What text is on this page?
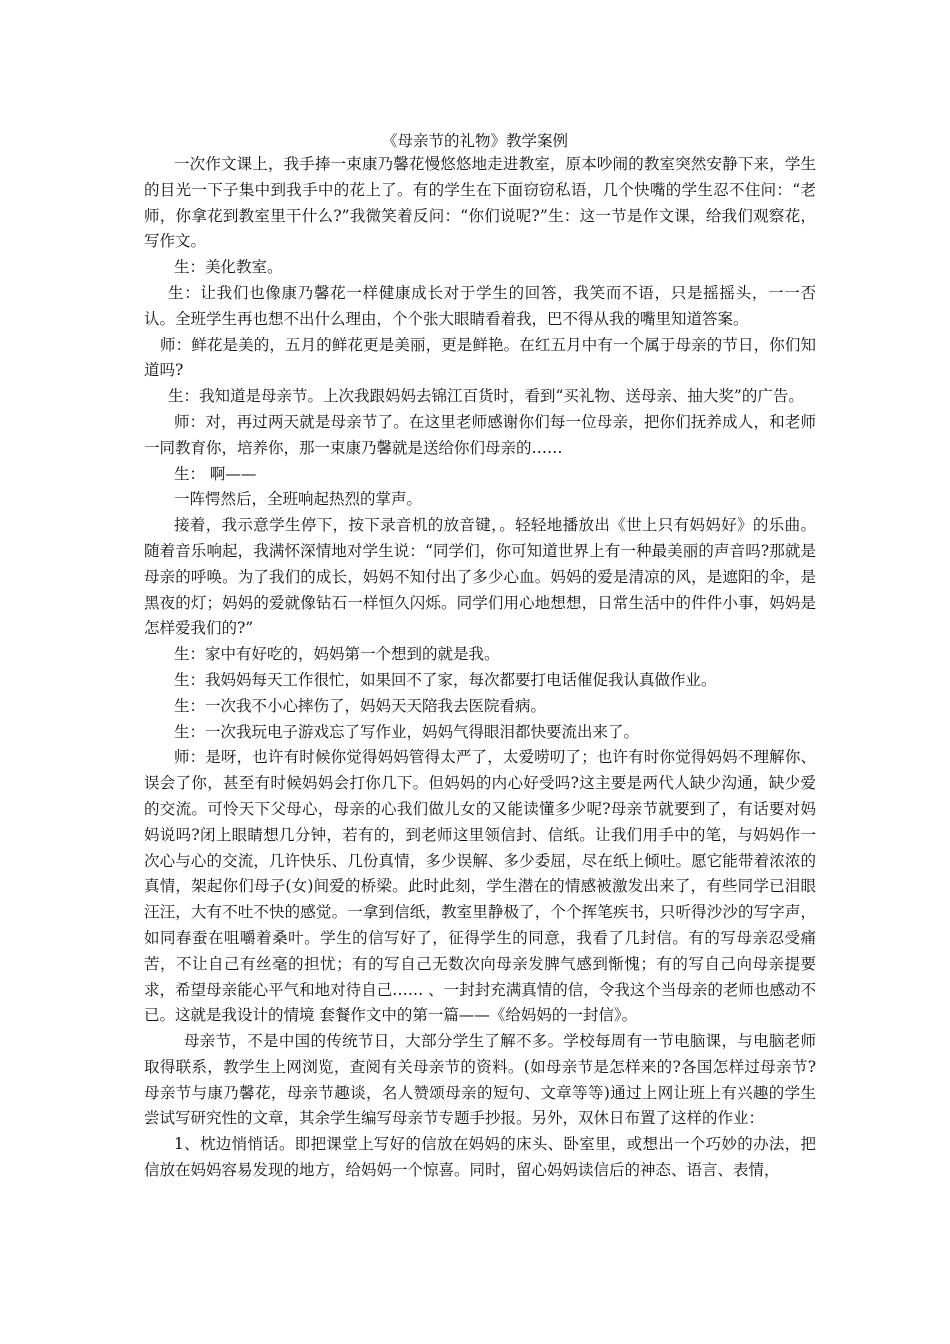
《母亲节的礼物》教学案例

一次作文课上，我手捧一束康乃馨花慢悠悠地走进教室，原本吵闹的教室突然安静下来，学生的目光一下子集中到我手中的花上了。有的学生在下面窃窃私语，几个快嘴的学生忍不住问：“老师，你拿花到教室里干什么?”我微笑着反问：“你们说呢?”生：这一节是作文课，给我们观察花，写作文。

生：美化教室。

生：让我们也像康乃馨花一样健康成长对于学生的回答，我笑而不语，只是摇摇头，一一否认。全班学生再也想不出什么理由，个个张大眼睛看着我，巴不得从我的嘴里知道答案。

师：鲜花是美的，五月的鲜花更是美丽，更是鲜艳。在红五月中有一个属于母亲的节日，你们知道吗?

生：我知道是母亲节。上次我跟妈妈去锦江百货时，看到“买礼物、送母亲、抽大奖”的广告。

师：对，再过两天就是母亲节了。在这里老师感谢你们每一位母亲，把你们抚养成人，和老师一同教育你，培养你，那一束康乃馨就是送给你们母亲的……

生： 啊——

一阵愕然后，全班响起热烈的掌声。

接着，我示意学生停下，按下录音机的放音键，。轻轻地播放出《世上只有妈妈好》的乐曲。随着音乐响起，我满怀深情地对学生说：“同学们，你可知道世界上有一种最美丽的声音吗?那就是母亲的呼唤。为了我们的成长，妈妈不知付出了多少心血。妈妈的爱是清凉的风，是遮阳的伞，是黑夜的灯；妈妈的爱就像钻石一样恒久闪烁。同学们用心地想想，日常生活中的件件小事，妈妈是怎样爱我们的?”

生：家中有好吃的，妈妈第一个想到的就是我。

生：我妈妈每天工作很忙，如果回不了家，每次都要打电话催促我认真做作业。

生：一次我不小心摔伤了，妈妈天天陪我去医院看病。

生：一次我玩电子游戏忘了写作业，妈妈气得眼泪都快要流出来了。

师：是呀，也许有时候你觉得妈妈管得太严了，太爱唠叨了；也许有时你觉得妈妈不理解你、误会了你，甚至有时候妈妈会打你几下。但妈妈的内心好受吗?这主要是两代人缺少沟通，缺少爱的交流。可怜天下父母心，母亲的心我们做儿女的又能读懂多少呢?母亲节就要到了，有话要对妈妈说吗?闭上眼睛想几分钟，若有的，到老师这里领信封、信纸。让我们用手中的笔，与妈妈作一次心与心的交流，几许快乐、几份真情，多少误解、多少委屈，尽在纸上倾吐。愿它能带着浓浓的真情，架起你们母子(女)间爱的桥梁。此时此刻，学生潜在的情感被激发出来了，有些同学已泪眼汪汪，大有不吐不快的感觉。一拿到信纸，教室里静极了，个个挥笔疾书，只听得沙沙的写字声，如同春蚕在咀嚼着桑叶。学生的信写好了，征得学生的同意，我看了几封信。有的写母亲忍受痛苦，不让自己有丝毫的担忧；有的写自己无数次向母亲发脾气感到惭愧；有的写自己向母亲提要求，希望母亲能心平气和地对待自己…… 、一封封充满真情的信，令我这个当母亲的老师也感动不已。这就是我设计的情境 套餐作文中的第一篇——《给妈妈的一封信》。

母亲节，不是中国的传统节日，大部分学生了解不多。学校每周有一节电脑课，与电脑老师取得联系，教学生上网浏览，查阅有关母亲节的资料。(如母亲节是怎样来的?各国怎样过母亲节?母亲节与康乃馨花，母亲节趣谈，名人赞颂母亲的短句、文章等等)通过上网让班上有兴趣的学生尝试写研究性的文章，其余学生编写母亲节专题手抄报。另外，双休日布置了这样的作业：

1、枕边悄悄话。即把课堂上写好的信放在妈妈的床头、卧室里，或想出一个巧妙的办法，把信放在妈妈容易发现的地方，给妈妈一个惊喜。同时，留心妈妈读信后的神态、语言、表情，
